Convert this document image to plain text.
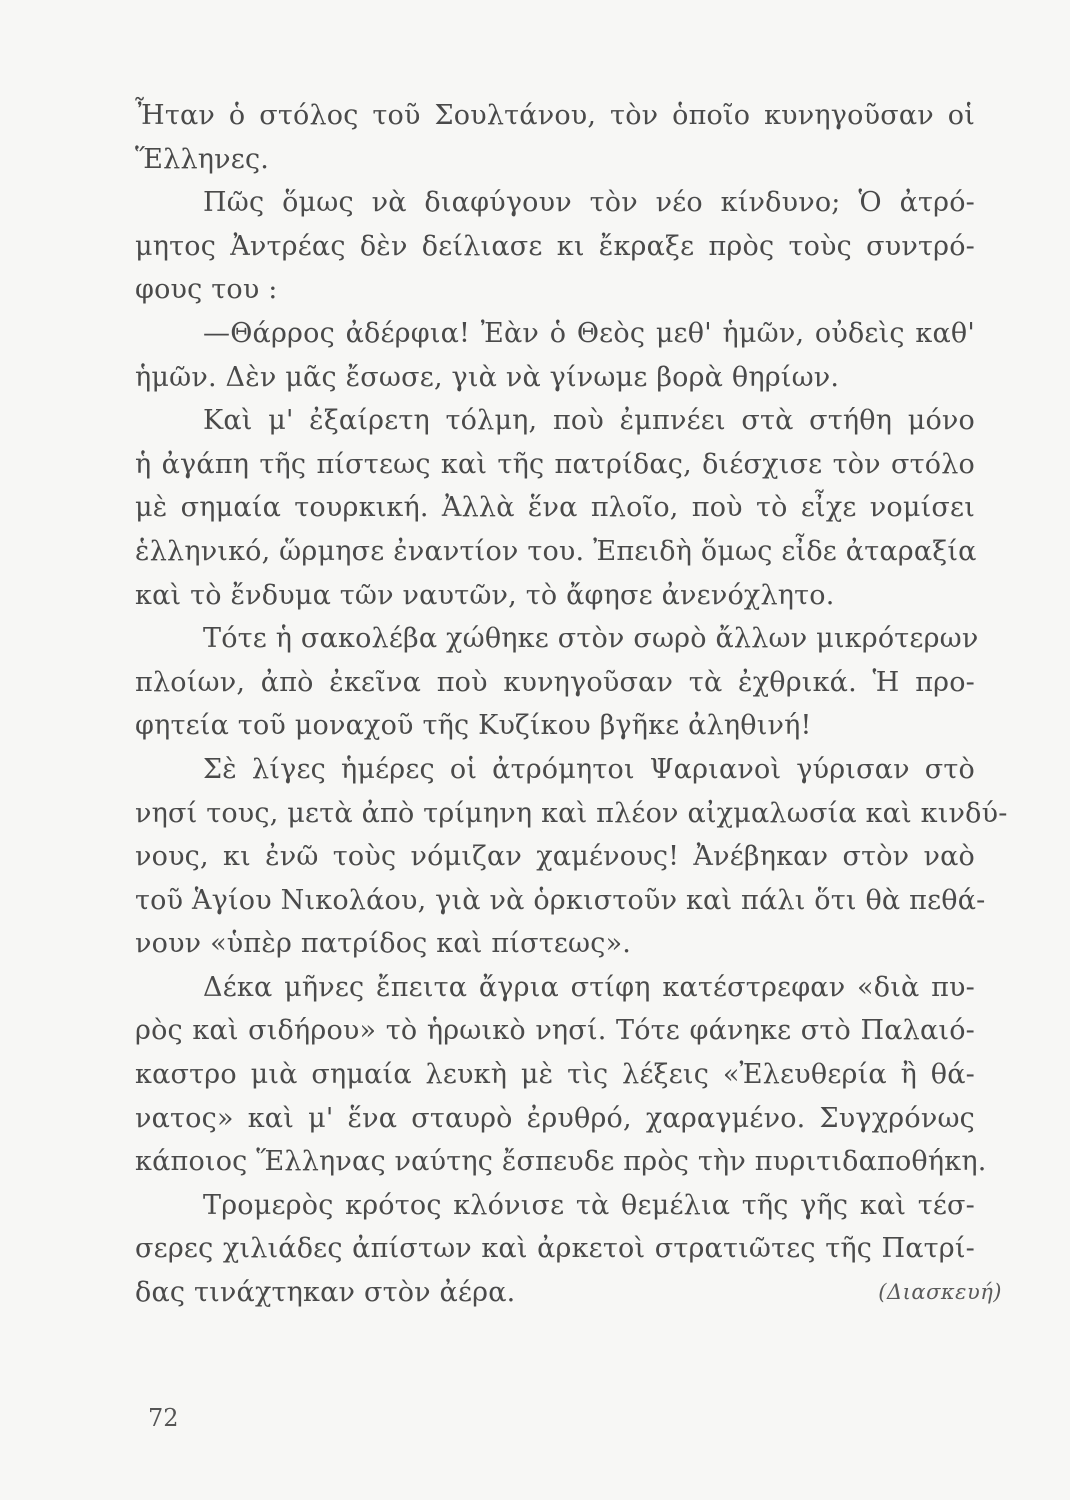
Ἦταν ὁ στόλος τοῦ Σουλτάνου, τὸν ὁποῖο κυνηγοῦσαν οἱ
Ἕλληνες.
Πῶς ὅμως νὰ διαφύγουν τὸν νέο κίνδυνο; Ὁ ἀτρό-
μητος Ἀντρέας δὲν δείλιασε κι ἔκραξε πρὸς τοὺς συντρό-
φους του :
—Θάρρος ἀδέρφια! Ἐὰν ὁ Θεὸς μεθ' ἡμῶν, οὐδεὶς καθ'
ἡμῶν. Δὲν μᾶς ἔσωσε, γιὰ νὰ γίνωμε βορὰ θηρίων.
Καὶ μ' ἐξαίρετη τόλμη, ποὺ ἐμπνέει στὰ στήθη μόνο
ἡ ἀγάπη τῆς πίστεως καὶ τῆς πατρίδας, διέσχισε τὸν στόλο
μὲ σημαία τουρκική. Ἀλλὰ ἕνα πλοῖο, ποὺ τὸ εἶχε νομίσει
ἑλληνικό, ὥρμησε ἐναντίον του. Ἐπειδὴ ὅμως εἶδε ἀταραξία
καὶ τὸ ἔνδυμα τῶν ναυτῶν, τὸ ἄφησε ἀνενόχλητο.
Τότε ἡ σακολέβα χώθηκε στὸν σωρὸ ἄλλων μικρότερων
πλοίων, ἀπὸ ἐκεῖνα ποὺ κυνηγοῦσαν τὰ ἐχθρικά. Ἡ προ-
φητεία τοῦ μοναχοῦ τῆς Κυζίκου βγῆκε ἀληθινή!
Σὲ λίγες ἡμέρες οἱ ἀτρόμητοι Ψαριανοὶ γύρισαν στὸ
νησί τους, μετὰ ἀπὸ τρίμηνη καὶ πλέον αἰχμαλωσία καὶ κινδύ-
νους, κι ἐνῶ τοὺς νόμιζαν χαμένους! Ἀνέβηκαν στὸν ναὸ
τοῦ Ἁγίου Νικολάου, γιὰ νὰ ὁρκιστοῦν καὶ πάλι ὅτι θὰ πεθά-
νουν «ὑπὲρ πατρίδος καὶ πίστεως».
Δέκα μῆνες ἔπειτα ἄγρια στίφη κατέστρεφαν «διὰ πυ-
ρὸς καὶ σιδήρου» τὸ ἡρωικὸ νησί. Τότε φάνηκε στὸ Παλαιό-
καστρο μιὰ σημαία λευκὴ μὲ τὶς λέξεις «Ἐλευθερία ἢ θά-
νατος» καὶ μ' ἕνα σταυρὸ ἐρυθρό, χαραγμένο. Συγχρόνως
κάποιος Ἕλληνας ναύτης ἔσπευδε πρὸς τὴν πυριτιδαποθήκη.
Τρομερὸς κρότος κλόνισε τὰ θεμέλια τῆς γῆς καὶ τέσ-
σερες χιλιάδες ἀπίστων καὶ ἀρκετοὶ στρατιῶτες τῆς Πατρί-
δας τινάχτηκαν στὸν ἀέρα.	(Διασκευή)
72
